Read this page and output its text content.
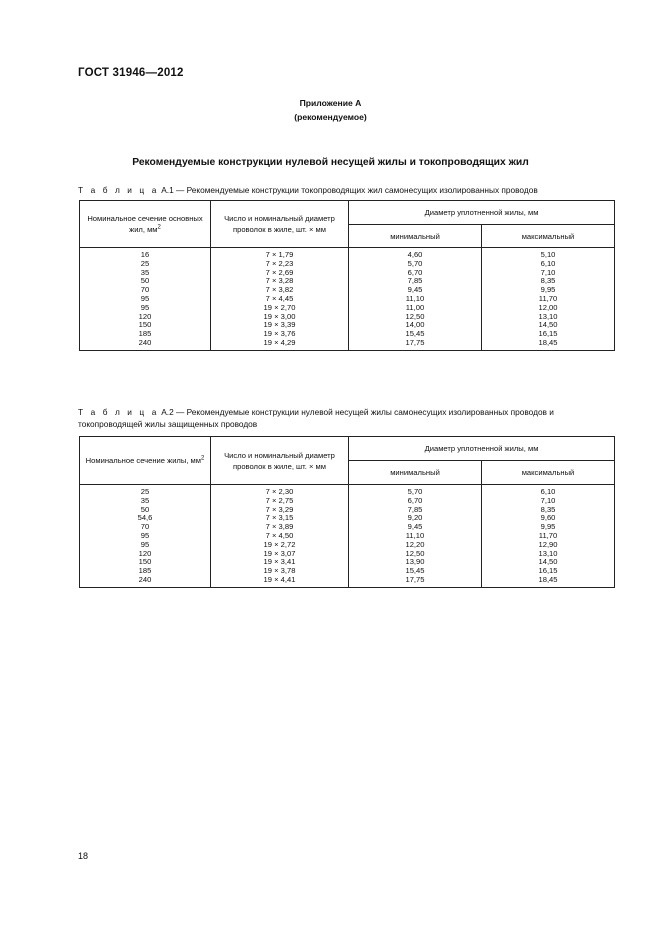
ГОСТ 31946—2012
Приложение А
(рекомендуемое)
Рекомендуемые конструкции нулевой несущей жилы и токопроводящих жил
Т а б л и ц а А.1 — Рекомендуемые конструкции токопроводящих жил самонесущих изолированных проводов
Номинальное сечение основных жил, $мм^2$	Число и номинальный диаметр проволок в жиле, шт. × мм	Диаметр уплотненной жилы, мм	
		минимальный	максимальный
16	7 × 1,79	4,60	5,10
25	7 × 2,23	5,70	6,10
35	7 × 2,69	6,70	7,10
50	7 × 3,28	7,85	8,35
70	7 × 3,82	9,45	9,95
95	7 × 4,45	11,10	11,70
95	19 × 2,70	11,00	12,00
120	19 × 3,00	12,50	13,10
150	19 × 3,39	14,00	14,50
185	19 × 3,76	15,45	16,15
240	19 × 4,29	17,75	18,45
Т а б л и ц а А.2 — Рекомендуемые конструкции нулевой несущей жилы самонесущих изолированных проводов и
токопроводящей жилы защищенных проводов
Номинальное сечение жилы, $мм^2$	Число и номинальный диаметр проволок в жиле, шт. × мм	Диаметр уплотненной жилы, мм	
		минимальный	максимальный
25	7 × 2,30	5,70	6,10
35	7 × 2,75	6,70	7,10
50	7 × 3,29	7,85	8,35
54,6	7 × 3,15	9,20	9,60
70	7 × 3,89	9,45	9,95
95	7 × 4,50	11,10	11,70
95	19 × 2,72	12,20	12,90
120	19 × 3,07	12,50	13,10
150	19 × 3,41	13,90	14,50
185	19 × 3,78	15,45	16,15
240	19 × 4,41	17,75	18,45
18
